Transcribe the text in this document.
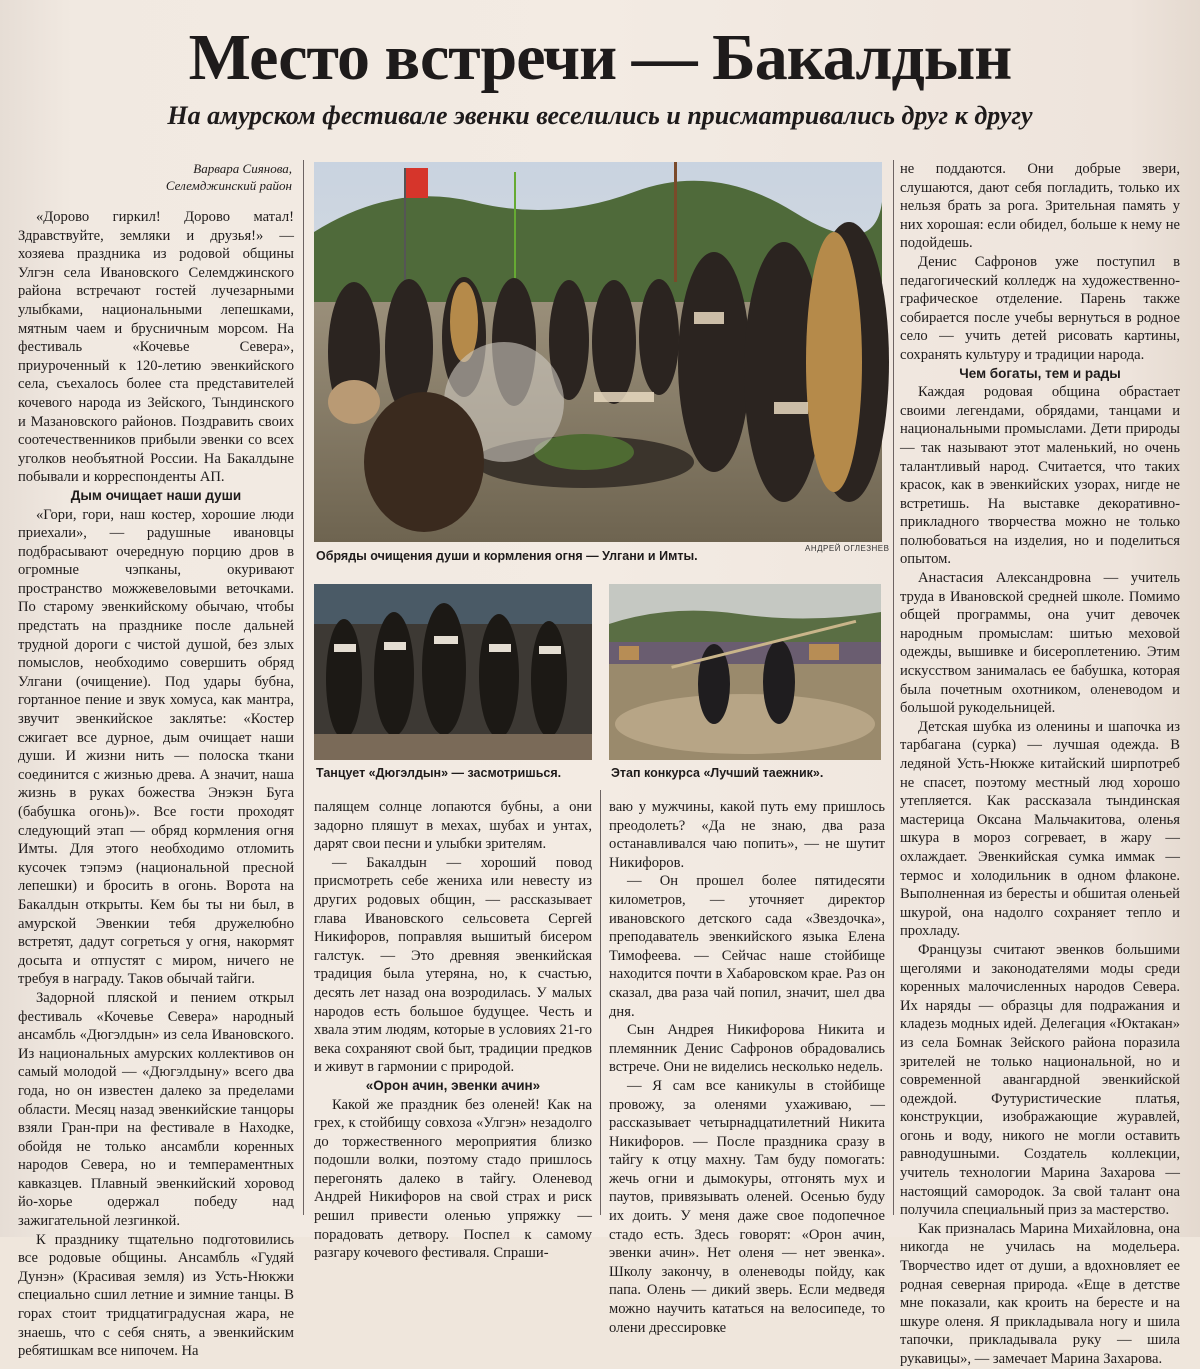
Место встречи — Бакалдын
На амурском фестивале эвенки веселились и присматривались друг к другу
Варвара Сиянова,
Селемджинский район

«Дорово гиркил! Дорово матал! Здравствуйте, земляки и друзья!» — хозяева праздника из родовой общины Улгэн села Ивановского Селемджинского района встречают гостей лучезарными улыбками, национальными лепешками, мятным чаем и брусничным морсом. На фестиваль «Кочевье Севера», приуроченный к 120-летию эвенкийского села, съехалось более ста представителей кочевого народа из Зейского, Тындинского и Мазановского районов. Поздравить своих соотечественников прибыли эвенки со всех уголков необъятной России. На Бакалдыне побывали и корреспонденты АП.

Дым очищает наши души

«Гори, гори, наш костер, хорошие люди приехали», — радушные ивановцы подбрасывают очередную порцию дров в огромные чэпканы, окуривают пространство можжевеловыми веточками. По старому эвенкийскому обычаю, чтобы предстать на празднике после дальней трудной дороги с чистой душой, без злых помыслов, необходимо совершить обряд Улгани (очищение). Под удары бубна, гортанное пение и звук хомуса, как мантра, звучит эвенкийское заклятье: «Костер сжигает все дурное, дым очищает наши души. И жизни нить — полоска ткани соединится с жизнью древа. А значит, наша жизнь в руках божества Энэкэн Буга (бабушка огонь)». Все гости проходят следующий этап — обряд кормления огня Имты. Для этого необходимо отломить кусочек тэпэмэ (национальной пресной лепешки) и бросить в огонь. Ворота на Бакалдын открыты. Кем бы ты ни был, в амурской Эвенкии тебя дружелюбно встретят, дадут согреться у огня, накормят досыта и отпустят с миром, ничего не требуя в награду. Таков обычай тайги.

Задорной пляской и пением открыл фестиваль «Кочевье Севера» народный ансамбль «Дюгэлдын» из села Ивановского. Из национальных амурских коллективов он самый молодой — «Дюгэлдыну» всего два года, но он известен далеко за пределами области. Месяц назад эвенкийские танцоры взяли Гран-при на фестивале в Находке, обойдя не только ансамбли коренных народов Севера, но и темпераментных кавказцев. Плавный эвенкийский хоровод йо-хорье одержал победу над зажигательной лезгинкой.

К празднику тщательно подготовились все родовые общины. Ансамбль «Гудяй Дунэн» (Красивая земля) из Усть-Нюкжи специально сшил летние и зимние танцы. В горах стоит тридцатиградусная жара, не знаешь, что с себя снять, а эвенкийским ребятишкам все нипочем. На

АНДРЕЙ ОГЛЕЗНЕВ
Обряды очищения души и кормления огня — Улгани и Имты.
Танцует «Дюгэлдын» — засмотришься.	Этап конкурса «Лучший таежник».

палящем солнце лопаются бубны, а они задорно пляшут в мехах, шубах и унтах, дарят свои песни и улыбки зрителям.

— Бакалдын — хороший повод присмотреть себе жениха или невесту из других родовых общин, — рассказывает глава Ивановского сельсовета Сергей Никифоров, поправляя вышитый бисером галстук. — Это древняя эвенкийская традиция была утеряна, но, к счастью, десять лет назад она возродилась. У малых народов есть большое будущее. Честь и хвала этим людям, которые в условиях 21-го века сохраняют свой быт, традиции предков и живут в гармонии с природой.

«Орон ачин, эвенки ачин»

Какой же праздник без оленей! Как на грех, к стойбищу совхоза «Улгэн» незадолго до торжественного мероприятия близко подошли волки, поэтому стадо пришлось перегонять далеко в тайгу. Оленевод Андрей Никифоров на свой страх и риск решил привести оленью упряжку — порадовать детвору. Поспел к самому разгару кочевого фестиваля. Спраши-

ваю у мужчины, какой путь ему пришлось преодолеть? «Да не знаю, два раза останавливался чаю попить», — не шутит Никифоров.

— Он прошел более пятидесяти километров, — уточняет директор ивановского детского сада «Звездочка», преподаватель эвенкийского языка Елена Тимофеева. — Сейчас наше стойбище находится почти в Хабаровском крае. Раз он сказал, два раза чай попил, значит, шел два дня.

Сын Андрея Никифорова Никита и племянник Денис Сафронов обрадовались встрече. Они не виделись несколько недель.

— Я сам все каникулы в стойбище провожу, за оленями ухаживаю, — рассказывает четырнадцатилетний Никита Никифоров. — После праздника сразу в тайгу к отцу махну. Там буду помогать: жечь огни и дымокуры, отгонять мух и паутов, привязывать оленей. Осенью буду их доить. У меня даже свое подопечное стадо есть. Здесь говорят: «Орон ачин, эвенки ачин». Нет оленя — нет эвенка». Школу закончу, в оленеводы пойду, как папа. Олень — дикий зверь. Если медведя можно научить кататься на велосипеде, то олени дрессировке

не поддаются. Они добрые звери, слушаются, дают себя погладить, только их нельзя брать за рога. Зрительная память у них хорошая: если обидел, больше к нему не подойдешь.

Денис Сафронов уже поступил в педагогический колледж на художественно-графическое отделение. Парень также собирается после учебы вернуться в родное село — учить детей рисовать картины, сохранять культуру и традиции народа.

Чем богаты, тем и рады

Каждая родовая община обрастает своими легендами, обрядами, танцами и национальными промыслами. Дети природы — так называют этот маленький, но очень талантливый народ. Считается, что таких красок, как в эвенкийских узорах, нигде не встретишь. На выставке декоративно-прикладного творчества можно не только полюбоваться на изделия, но и поделиться опытом.

Анастасия Александровна — учитель труда в Ивановской средней школе. Помимо общей программы, она учит девочек народным промыслам: шитью меховой одежды, вышивке и бисероплетению. Этим искусством занималась ее бабушка, которая была почетным охотником, оленеводом и большой рукодельницей.

Детская шубка из оленины и шапочка из тарбагана (сурка) — лучшая одежда. В ледяной Усть-Нюкже китайский ширпотреб не спасет, поэтому местный люд хорошо утепляется. Как рассказала тындинская мастерица Оксана Мальчакитова, оленья шкура в мороз согревает, в жару — охлаждает. Эвенкийская сумка иммак — термос и холодильник в одном флаконе. Выполненная из бересты и обшитая оленьей шкурой, она надолго сохраняет тепло и прохладу.

Французы считают эвенков большими щеголями и законодателями моды среди коренных малочисленных народов Севера. Их наряды — образцы для подражания и кладезь модных идей. Делегация «Юктакан» из села Бомнак Зейского района поразила зрителей не только национальной, но и современной авангардной эвенкийской одеждой. Футуристические платья, конструкции, изображающие журавлей, огонь и воду, никого не могли оставить равнодушными. Создатель коллекции, учитель технологии Марина Захарова — настоящий самородок. За свой талант она получила специальный приз за мастерство.

Как призналась Марина Михайловна, она никогда не училась на модельера. Творчество идет от души, а вдохновляет ее родная северная природа. «Еще в детстве мне показали, как кроить на бересте и на шкуре оленя. Я прикладывала ногу и шила тапочки, прикладывала руку — шила рукавицы», — замечает Марина Захарова.
